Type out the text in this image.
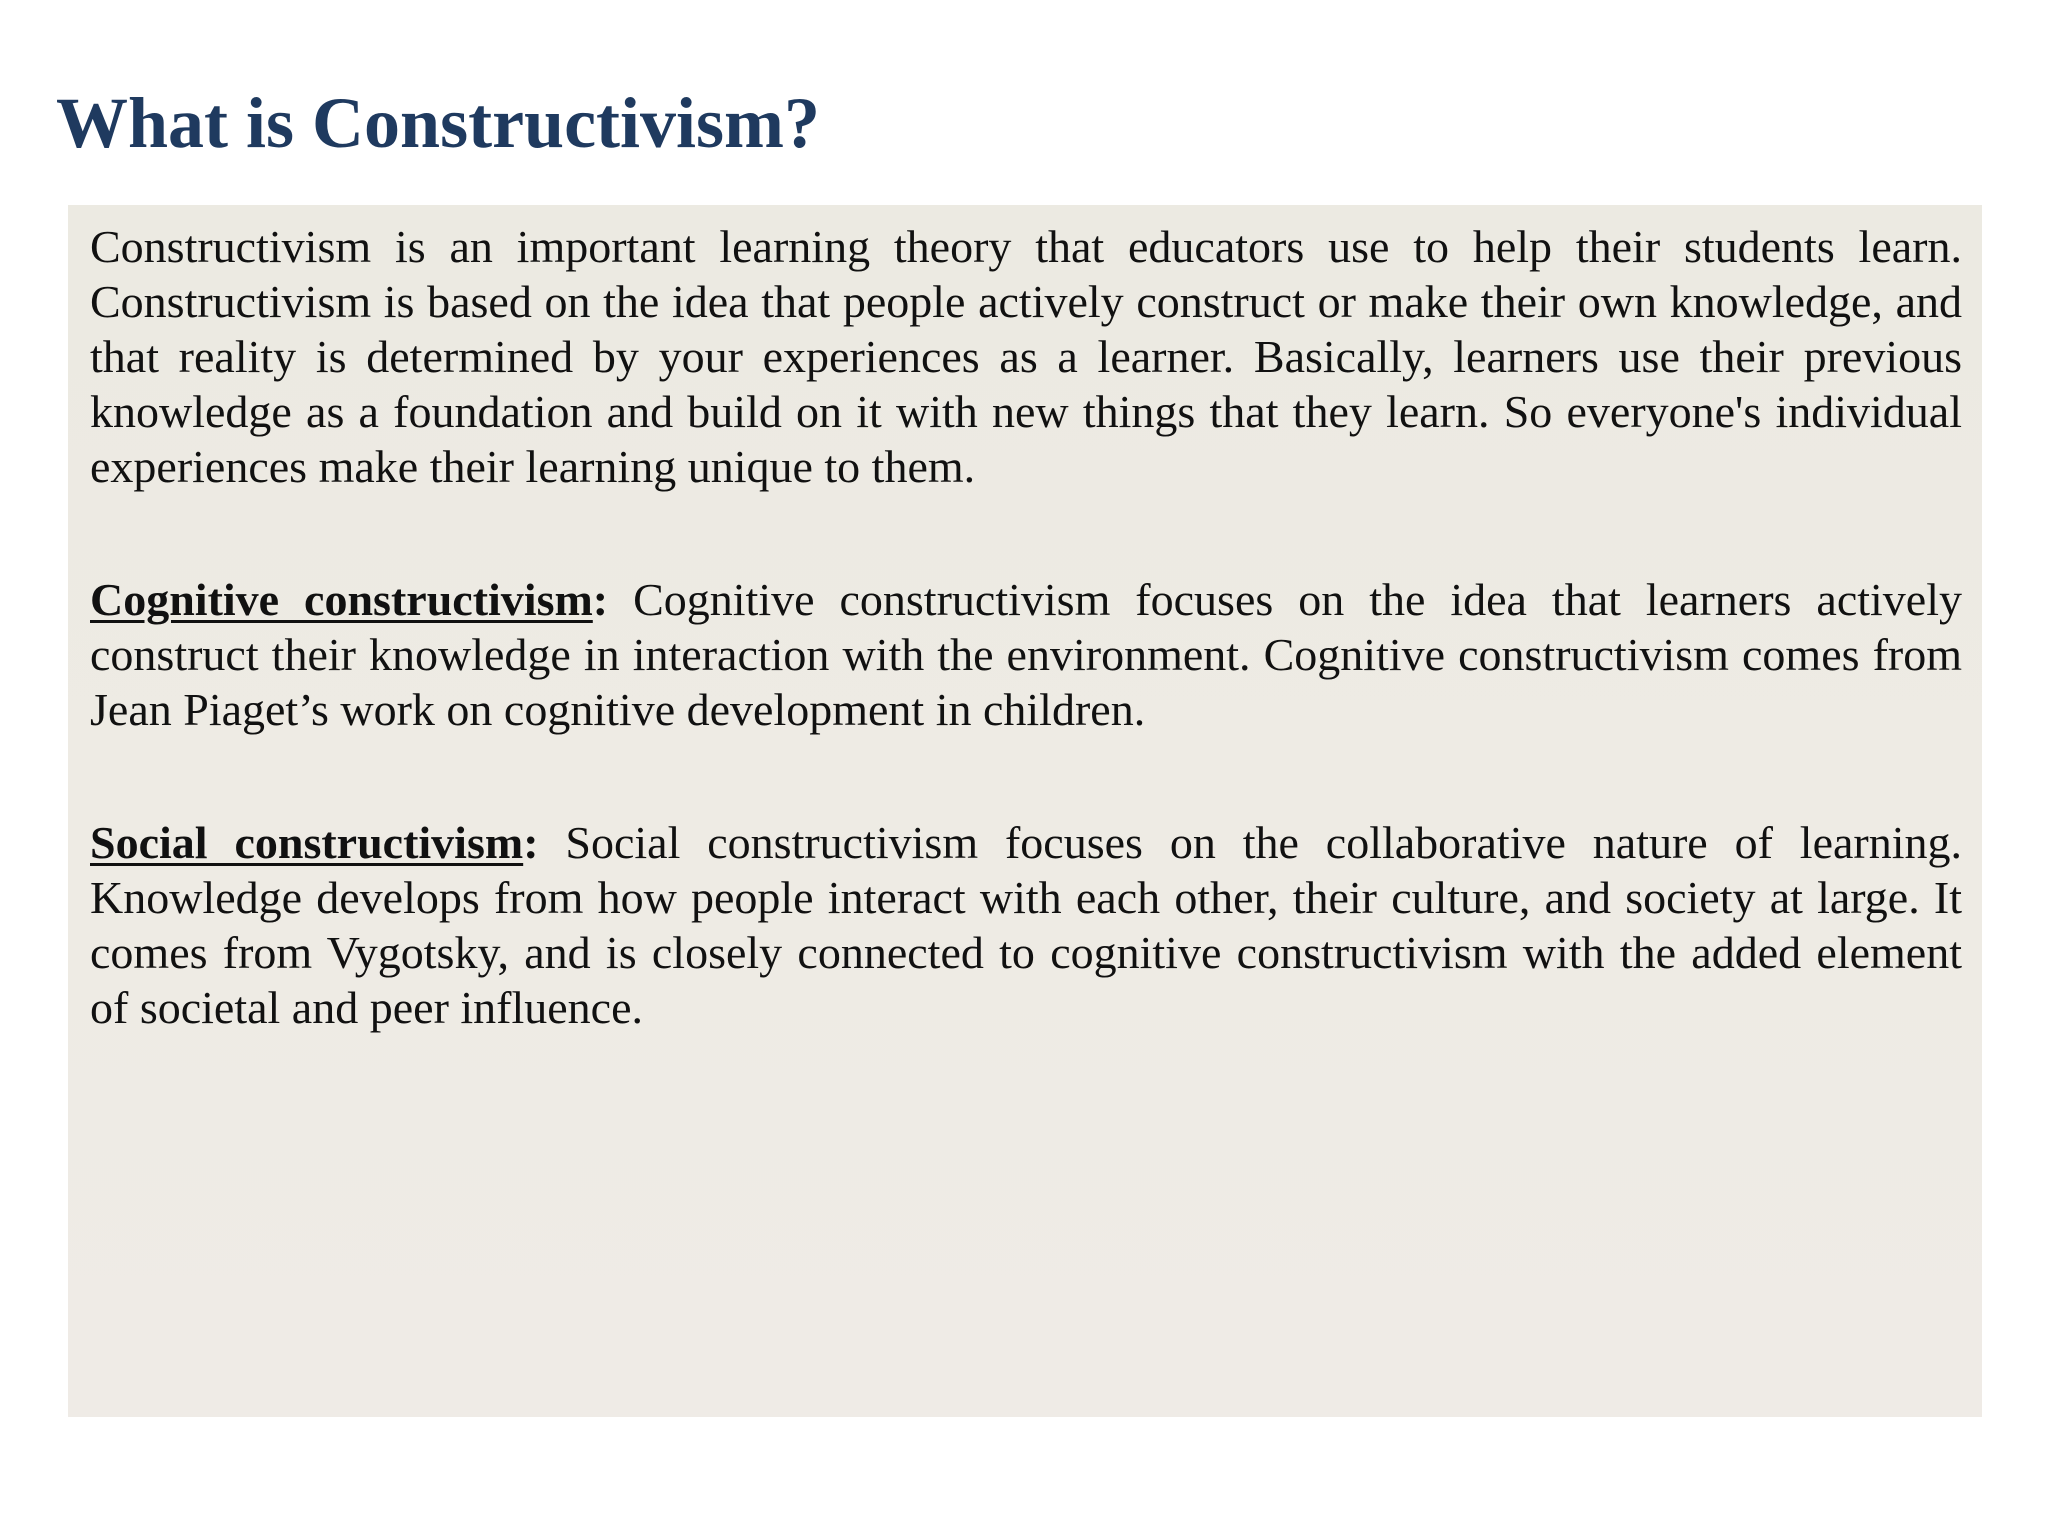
What is Constructivism?

Constructivism is an important learning theory that educators use to help their students learn. Constructivism is based on the idea that people actively construct or make their own knowledge, and that reality is determined by your experiences as a learner. Basically, learners use their previous knowledge as a foundation and build on it with new things that they learn. So everyone's individual experiences make their learning unique to them.

Cognitive constructivism: Cognitive constructivism focuses on the idea that learners actively construct their knowledge in interaction with the environment. Cognitive constructivism comes from Jean Piaget’s work on cognitive development in children.

Social constructivism: Social constructivism focuses on the collaborative nature of learning. Knowledge develops from how people interact with each other, their culture, and society at large. It comes from Vygotsky, and is closely connected to cognitive constructivism with the added element of societal and peer influence.
